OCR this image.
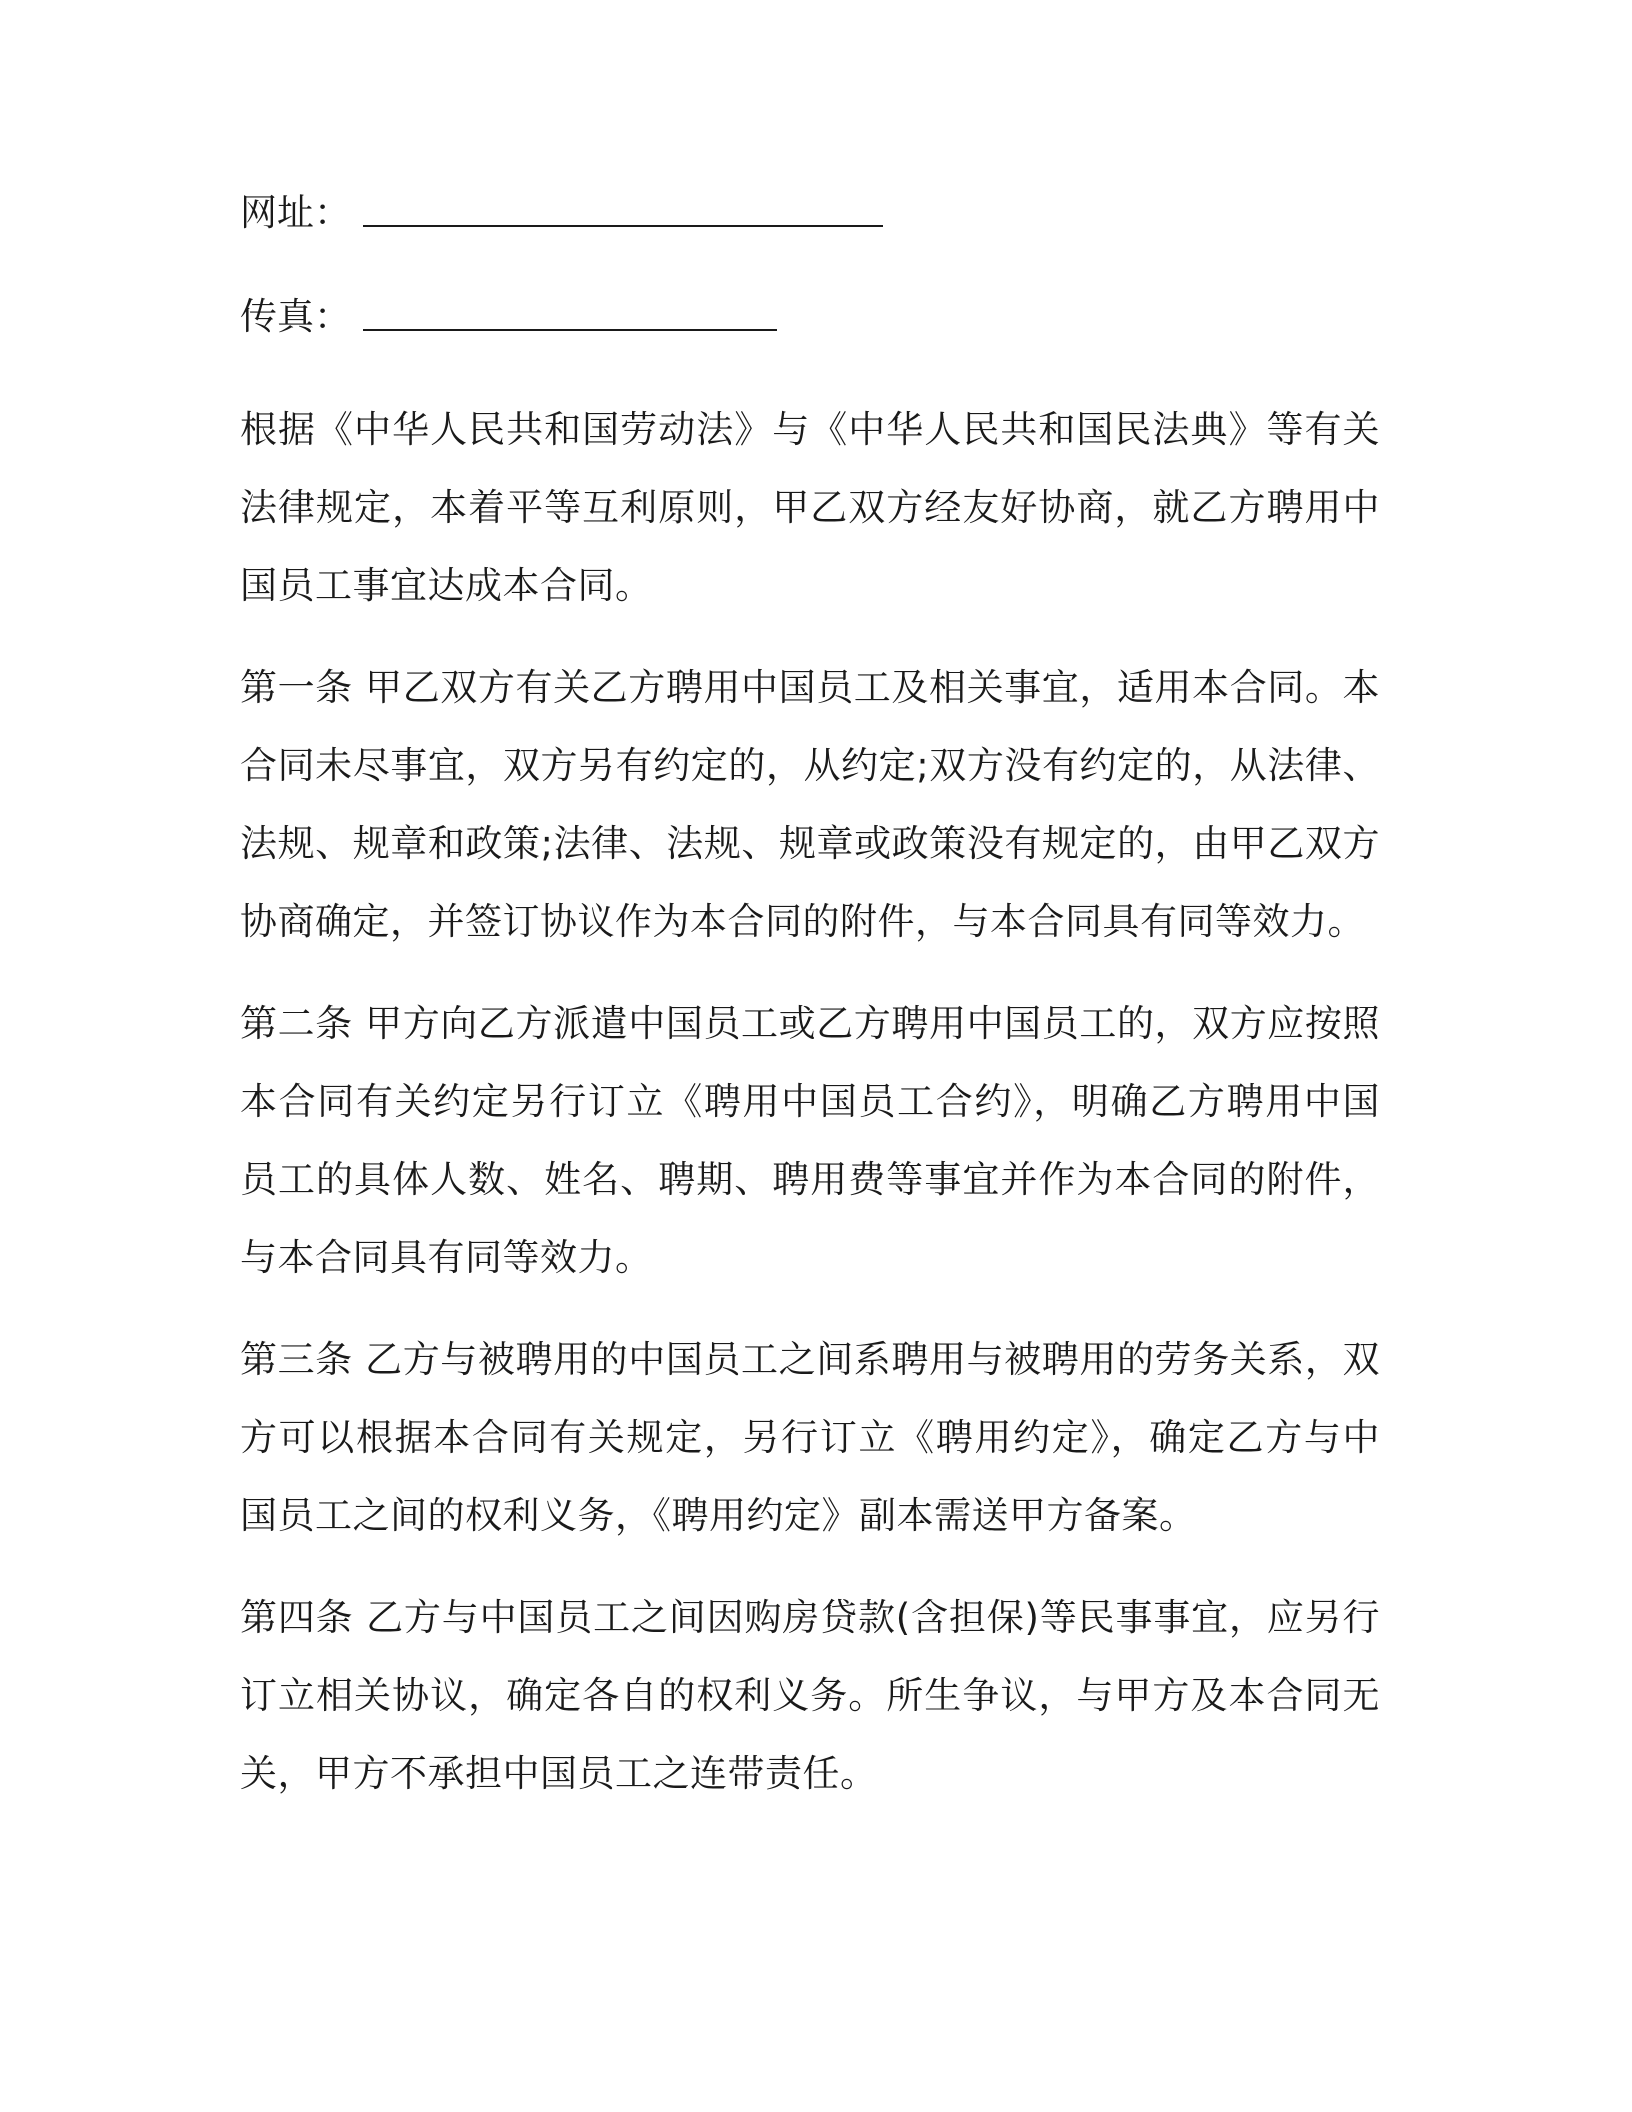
网址：
传真：

根据《中华人民共和国劳动法》与《中华人民共和国民法典》等有关法律规定，本着平等互利原则，甲乙双方经友好协商，就乙方聘用中国员工事宜达成本合同。

第一条 甲乙双方有关乙方聘用中国员工及相关事宜，适用本合同。本合同未尽事宜，双方另有约定的，从约定;双方没有约定的，从法律、法规、规章和政策;法律、法规、规章或政策没有规定的，由甲乙双方协商确定，并签订协议作为本合同的附件，与本合同具有同等效力。

第二条 甲方向乙方派遣中国员工或乙方聘用中国员工的，双方应按照本合同有关约定另行订立《聘用中国员工合约》，明确乙方聘用中国员工的具体人数、姓名、聘期、聘用费等事宜并作为本合同的附件，与本合同具有同等效力。

第三条 乙方与被聘用的中国员工之间系聘用与被聘用的劳务关系，双方可以根据本合同有关规定，另行订立《聘用约定》，确定乙方与中国员工之间的权利义务，《聘用约定》副本需送甲方备案。

第四条 乙方与中国员工之间因购房贷款(含担保)等民事事宜，应另行订立相关协议，确定各自的权利义务。所生争议，与甲方及本合同无关，甲方不承担中国员工之连带责任。
